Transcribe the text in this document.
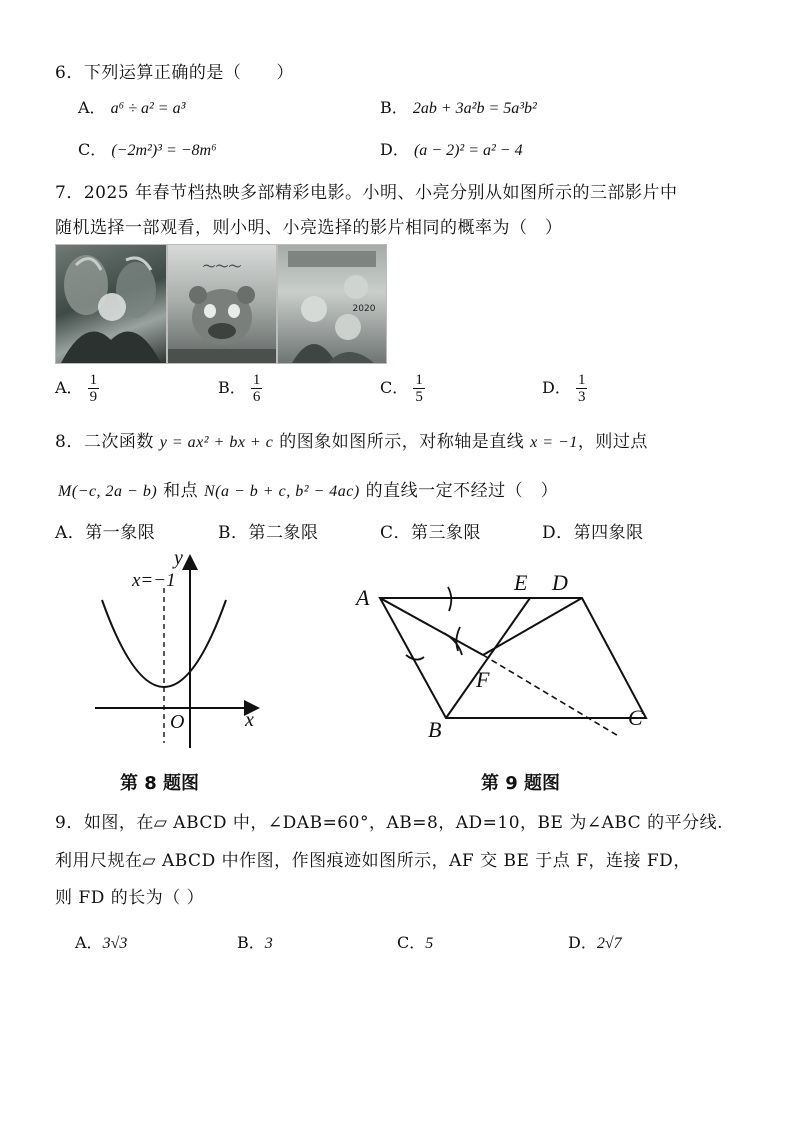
6．下列运算正确的是（　　）
A． a⁶ ÷ a² = a³	B． 2ab + 3a²b = 5a³b²
C． (−2m²)³ = −8m⁶	D． (a − 2)² = a² − 4
7．2025 年春节档热映多部精彩电影。小明、小亮分别从如图所示的三部影片中
随机选择一部观看，则小明、小亮选择的影片相同的概率为（　）
〜〜〜
2020
A． $\frac{1}{9}$	B． $\frac{1}{6}$	C． $\frac{1}{5}$	D． $\frac{1}{3}$
8．二次函数 y = ax² + bx + c 的图象如图所示，对称轴是直线 x = −1，则过点
M(−c, 2a − b) 和点 N(a − b + c, b² − 4ac) 的直线一定不经过（　）
A．第一象限	B．第二象限	C．第三象限	D．第四象限
x=−1
y
x
O
A
E D
F
B	C
第 8 题图	第 9 题图
9．如图，在▱ ABCD 中，∠DAB=60°，AB=8，AD=10，BE 为∠ABC 的平分线.
利用尺规在▱ ABCD 中作图，作图痕迹如图所示，AF 交 BE 于点 F，连接 FD，
则 FD 的长为（ ）
A．3√3	B．3	C．5	D．2√7
